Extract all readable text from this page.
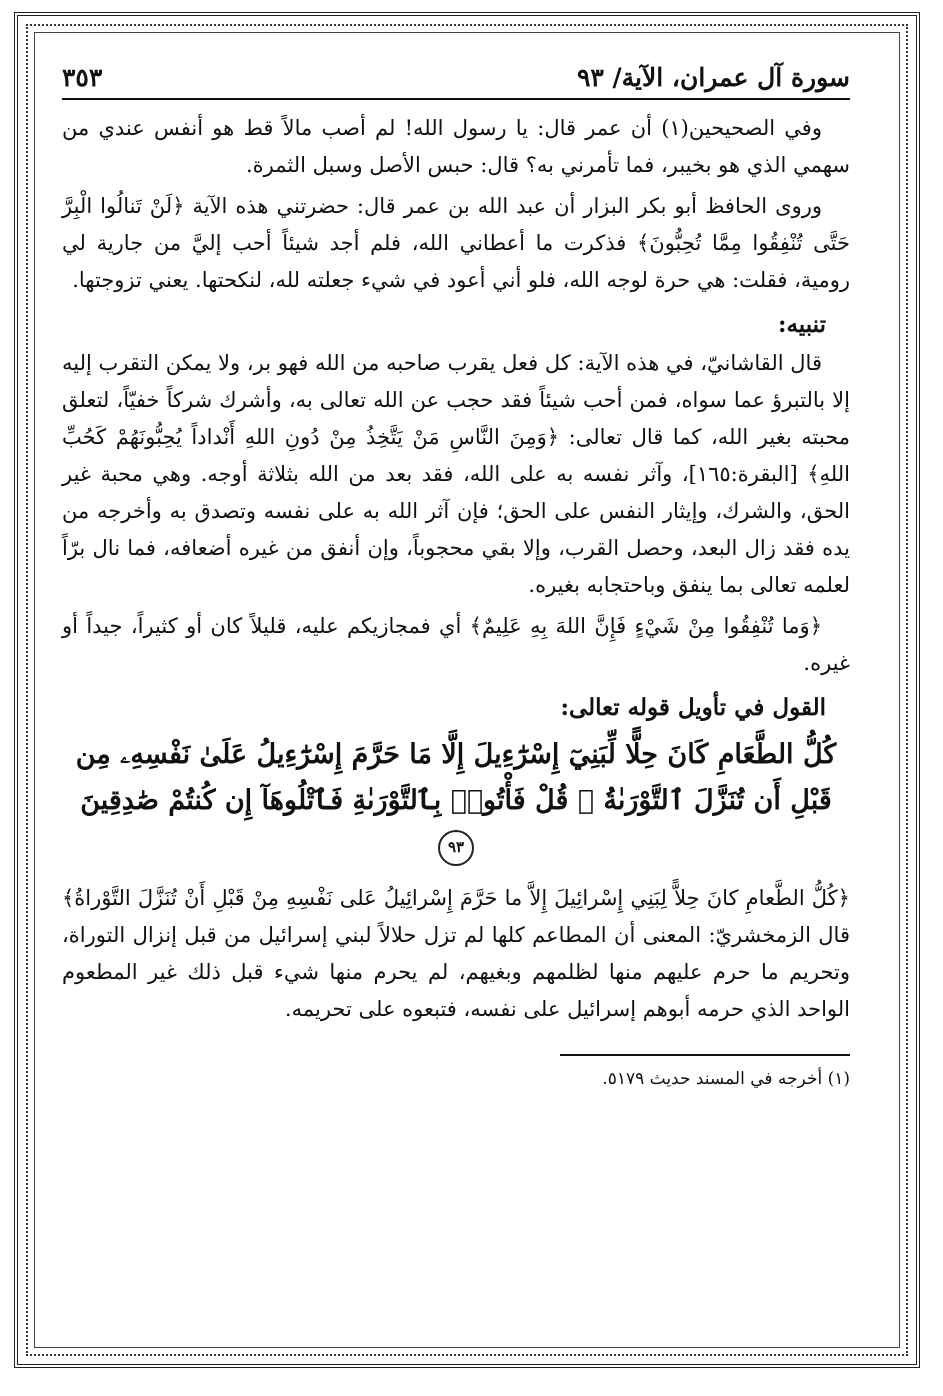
سورة آل عمران، الآية/ ٩٣
٣٥٣

وفي الصحيحين(١) أن عمر قال: يا رسول الله! لم أصب مالاً قط هو أنفس عندي من سهمي الذي هو بخيبر، فما تأمرني به؟ قال: حبس الأصل وسبل الثمرة.

وروى الحافظ أبو بكر البزار أن عبد الله بن عمر قال: حضرتني هذه الآية ﴿لَنْ تَنالُوا الْبِرَّ حَتَّى تُنْفِقُوا مِمَّا تُحِبُّونَ﴾ فذكرت ما أعطاني الله، فلم أجد شيئاً أحب إليَّ من جارية لي رومية، فقلت: هي حرة لوجه الله، فلو أني أعود في شيء جعلته لله، لنكحتها. يعني تزوجتها.

تنبيه:

قال القاشانيّ، في هذه الآية: كل فعل يقرب صاحبه من الله فهو بر، ولا يمكن التقرب إليه إلا بالتبرؤ عما سواه، فمن أحب شيئاً فقد حجب عن الله تعالى به، وأشرك شركاً خفيّاً، لتعلق محبته بغير الله، كما قال تعالى: ﴿وَمِنَ النَّاسِ مَنْ يَتَّخِذُ مِنْ دُونِ اللهِ أَنْداداً يُحِبُّونَهُمْ كَحُبِّ اللهِ﴾ [البقرة:١٦٥]، وآثر نفسه به على الله، فقد بعد من الله بثلاثة أوجه. وهي محبة غير الحق، والشرك، وإيثار النفس على الحق؛ فإن آثر الله به على نفسه وتصدق به وأخرجه من يده فقد زال البعد، وحصل القرب، وإلا بقي محجوباً، وإن أنفق من غيره أضعافه، فما نال برّاً لعلمه تعالى بما ينفق وباحتجابه بغيره.

﴿وَما تُنْفِقُوا مِنْ شَيْءٍ فَإِنَّ اللهَ بِهِ عَلِيمٌ﴾ أي فمجازيكم عليه، قليلاً كان أو كثيراً، جيداً أو غيره.

القول في تأويل قوله تعالى:
كُلُّ الطَّعَامِ كَانَ حِلًّا لِّبَنِيٓ إِسْرَٰٓءِيلَ إِلَّا مَا حَرَّمَ إِسْرَٰٓءِيلُ عَلَىٰ نَفْسِهِۦ مِن
قَبْلِ أَن تُنَزَّلَ ٱلتَّوْرَىٰةُ ۗ قُلْ فَأْتُوا۟ بِٱلتَّوْرَىٰةِ فَٱتْلُوهَآ إِن كُنتُمْ صَٰدِقِينَ ٩٣

﴿كُلُّ الطَّعامِ كانَ حِلاًّ لِبَنِي إِسْرائِيلَ إِلاَّ ما حَرَّمَ إِسْرائِيلُ عَلى نَفْسِهِ مِنْ قَبْلِ أَنْ تُنَزَّلَ التَّوْراةُ﴾ قال الزمخشريّ: المعنى أن المطاعم كلها لم تزل حلالاً لبني إسرائيل من قبل إنزال التوراة، وتحريم ما حرم عليهم منها لظلمهم وبغيهم، لم يحرم منها شيء قبل ذلك غير المطعوم الواحد الذي حرمه أبوهم إسرائيل على نفسه، فتبعوه على تحريمه.

(١) أخرجه في المسند حديث ٥١٧٩.
